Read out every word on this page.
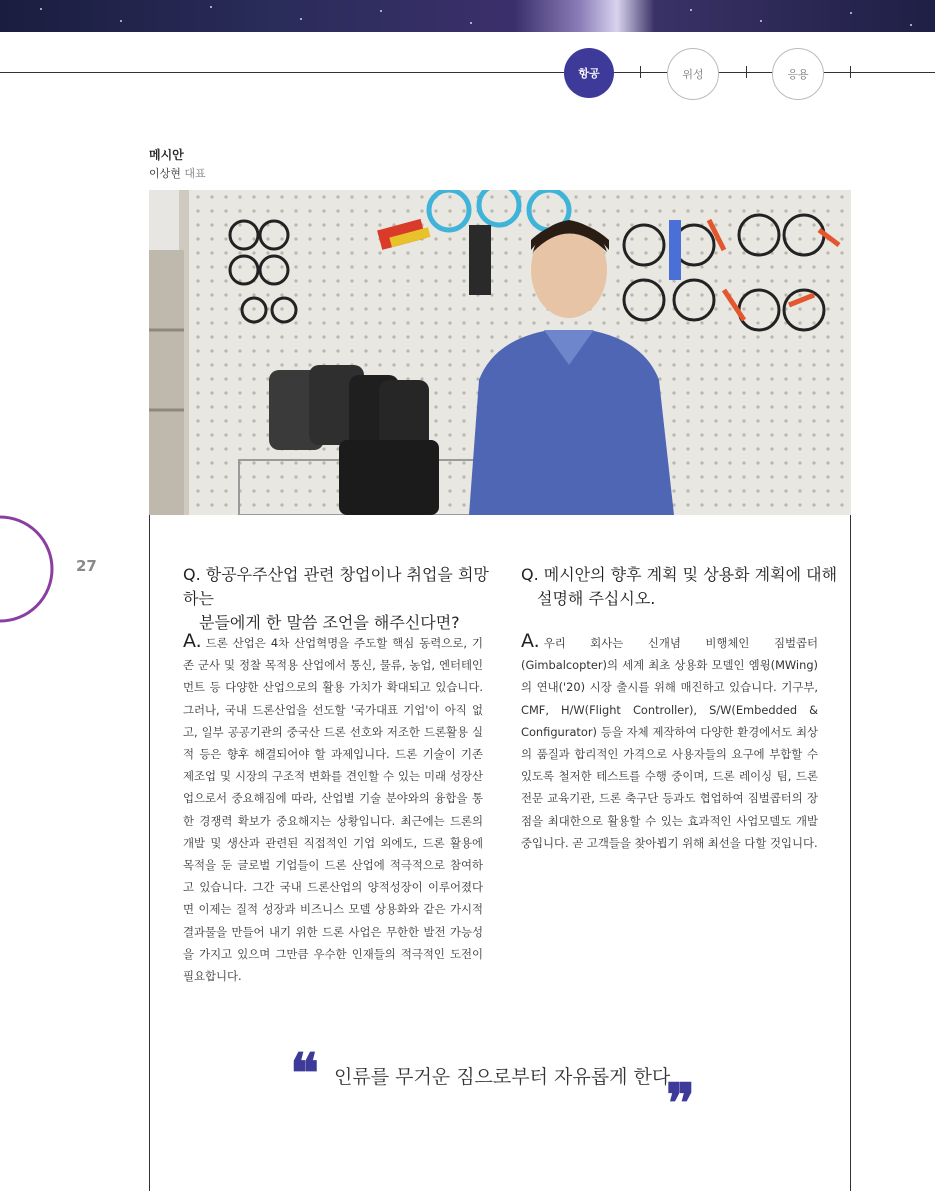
항공	위성	응용
메시안
이상현 대표
27	Q. 항공우주산업 관련 창업이나 취업을 희망하는
분들에게 한 말씀 조언을 해주신다면?
A. 드론 산업은 4차 산업혁명을 주도할 핵심 동력으로, 기존 군사 및 정찰 목적용 산업에서 통신, 물류, 농업, 엔터테인먼트 등 다양한 산업으로의 활용 가치가 확대되고 있습니다. 그러나, 국내 드론산업을 선도할 '국가대표 기업'이 아직 없고, 일부 공공기관의 중국산 드론 선호와 저조한 드론활용 실적 등은 향후 해결되어야 할 과제입니다. 드론 기술이 기존 제조업 및 시장의 구조적 변화를 견인할 수 있는 미래 성장산업으로서 중요해짐에 따라, 산업별 기술 분야와의 융합을 통한 경쟁력 확보가 중요해지는 상황입니다. 최근에는 드론의 개발 및 생산과 관련된 직접적인 기업 외에도, 드론 활용에 목적을 둔 글로벌 기업들이 드론 산업에 적극적으로 참여하고 있습니다. 그간 국내 드론산업의 양적성장이 이루어졌다면 이제는 질적 성장과 비즈니스 모델 상용화와 같은 가시적 결과물을 만들어 내기 위한 드론 사업은 무한한 발전 가능성을 가지고 있으며 그만큼 우수한 인재들의 적극적인 도전이 필요합니다.
Q. 메시안의 향후 계획 및 상용화 계획에 대해
설명해 주십시오.
A. 우리 회사는 신개념 비행체인 짐벌콥터(Gimbalcopter)의 세계 최초 상용화 모델인 엠윙(MWing)의 연내('20) 시장 출시를 위해 매진하고 있습니다. 기구부, CMF, H/W(Flight Controller), S/W(Embedded & Configurator) 등을 자체 제작하여 다양한 환경에서도 최상의 품질과 합리적인 가격으로 사용자들의 요구에 부합할 수 있도록 철저한 테스트를 수행 중이며, 드론 레이싱 팀, 드론 전문 교육기관, 드론 축구단 등과도 협업하여 짐벌콥터의 장점을 최대한으로 활용할 수 있는 효과적인 사업모델도 개발 중입니다. 곧 고객들을 찾아뵙기 위해 최선을 다할 것입니다.
❝ 인류를 무거운 짐으로부터 자유롭게 한다
❞
